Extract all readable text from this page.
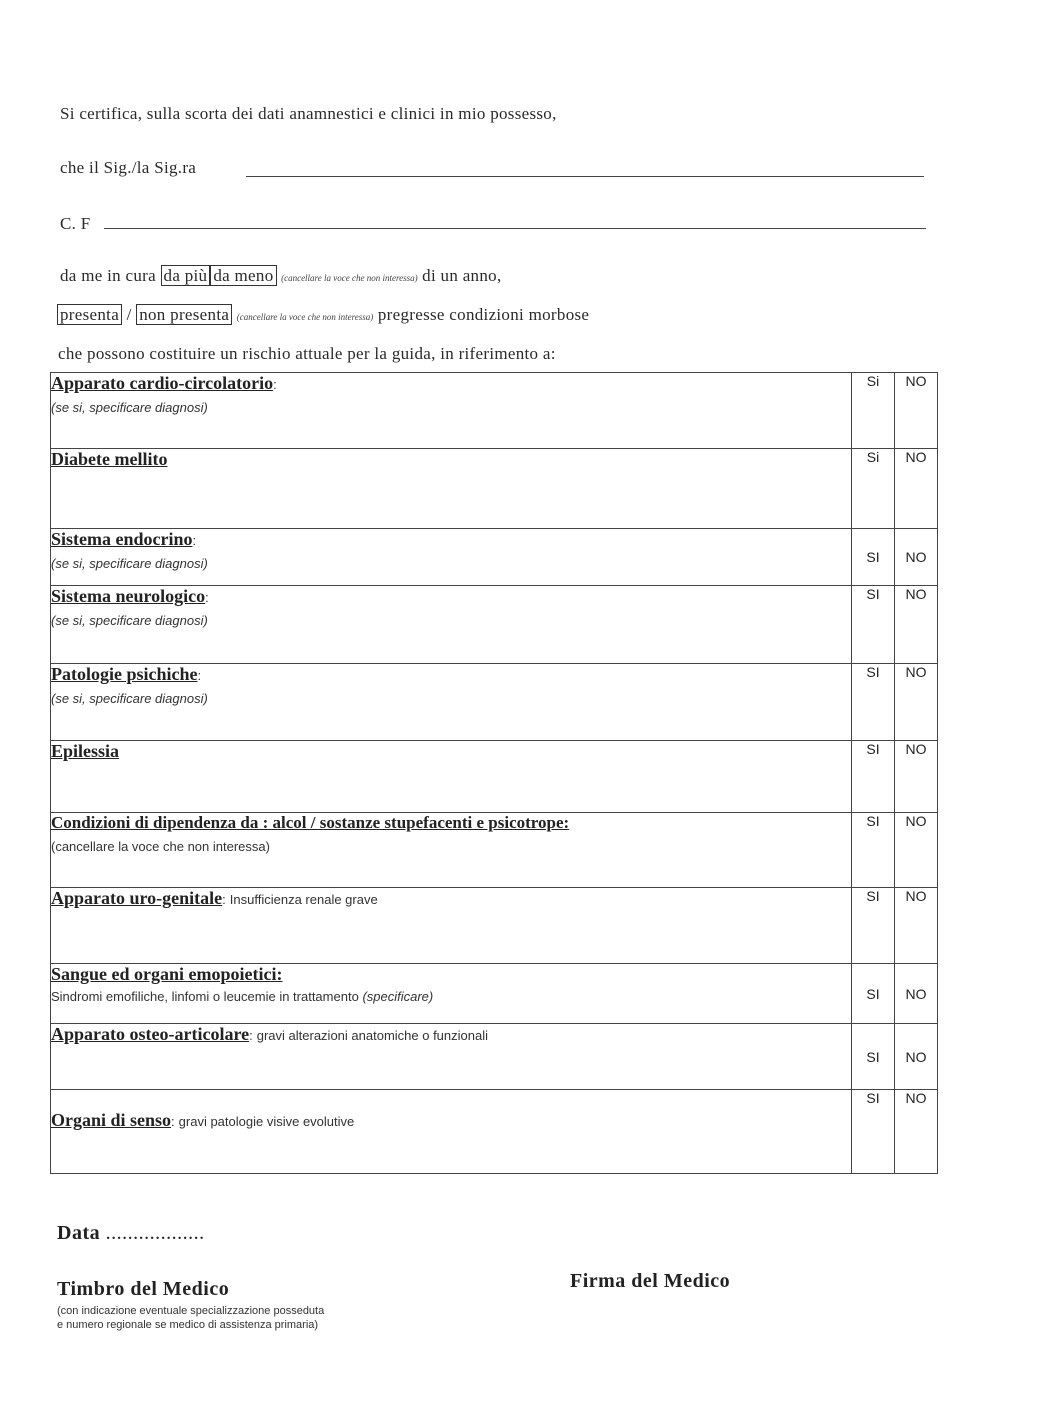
Si certifica, sulla scorta dei dati anamnestici e clinici in mio possesso,
che il Sig./la Sig.ra
C. F
da me in cura da più da meno (cancellare la voce che non interessa) di un anno,
presenta / non presenta (cancellare la voce che non interessa) pregresse condizioni morbose
che possono costituire un rischio attuale per la guida, in riferimento a:
Apparato cardio-circolatorio:
(se si, specificare diagnosi)	Si	NO
Diabete mellito	Si	NO
Sistema endocrino:
(se si, specificare diagnosi)	SI	NO
Sistema neurologico:
(se si, specificare diagnosi)	SI	NO
Patologie psichiche:
(se si, specificare diagnosi)	SI	NO
Epilessia	SI	NO
Condizioni di dipendenza da : alcol / sostanze stupefacenti e psicotrope:
(cancellare la voce che non interessa)	SI	NO
Apparato uro-genitale: Insufficienza renale grave	SI	NO
Sangue ed organi emopoietici:
Sindromi emofiliche, linfomi o leucemie in trattamento (specificare)	SI	NO
Apparato osteo-articolare: gravi alterazioni anatomiche o funzionali	SI	NO
Organi di senso: gravi patologie visive evolutive	SI	NO
Data ..................
Timbro del Medico
(con indicazione eventuale specializzazione posseduta
e numero regionale se medico di assistenza primaria)
Firma del Medico
